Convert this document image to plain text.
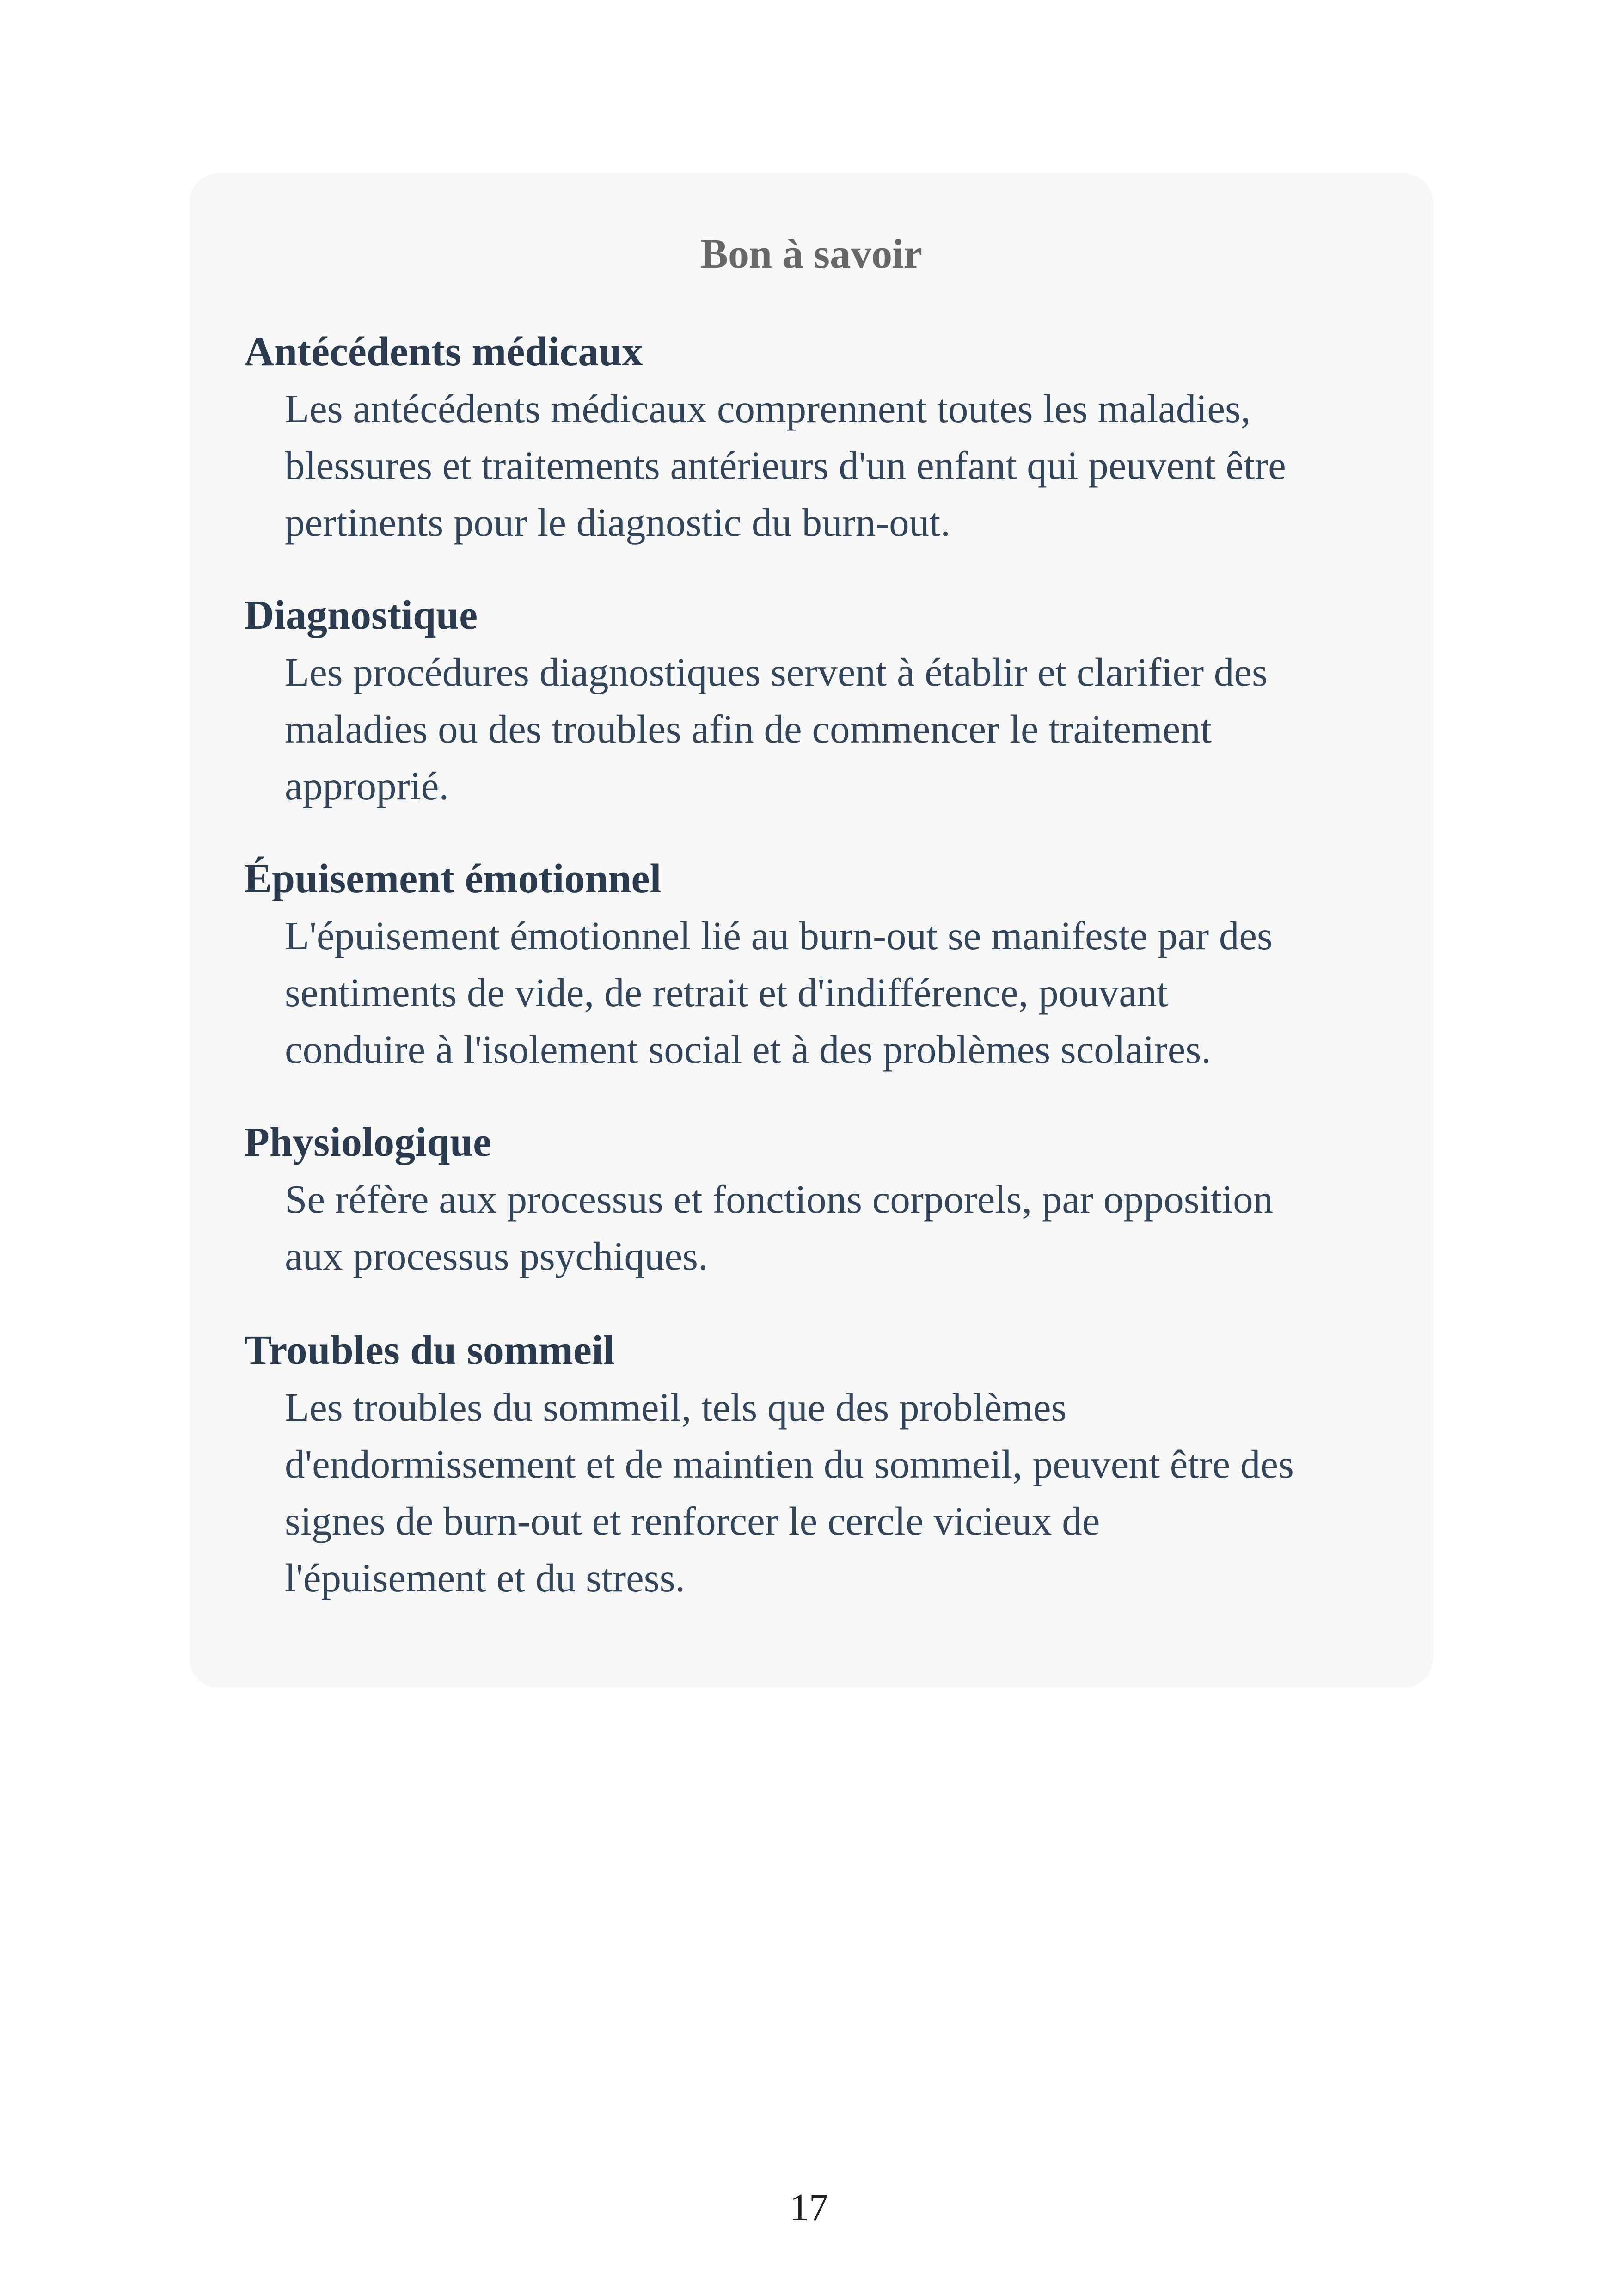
Bon à savoir

Antécédents médicaux

Les antécédents médicaux comprennent toutes les maladies,
blessures et traitements antérieurs d'un enfant qui peuvent être
pertinents pour le diagnostic du burn-out.

Diagnostique

Les procédures diagnostiques servent à établir et clarifier des
maladies ou des troubles afin de commencer le traitement
approprié.

Épuisement émotionnel

L'épuisement émotionnel lié au burn-out se manifeste par des
sentiments de vide, de retrait et d'indifférence, pouvant
conduire à l'isolement social et à des problèmes scolaires.

Physiologique

Se réfère aux processus et fonctions corporels, par opposition
aux processus psychiques.

Troubles du sommeil

Les troubles du sommeil, tels que des problèmes
d'endormissement et de maintien du sommeil, peuvent être des
signes de burn-out et renforcer le cercle vicieux de
l'épuisement et du stress.

17
